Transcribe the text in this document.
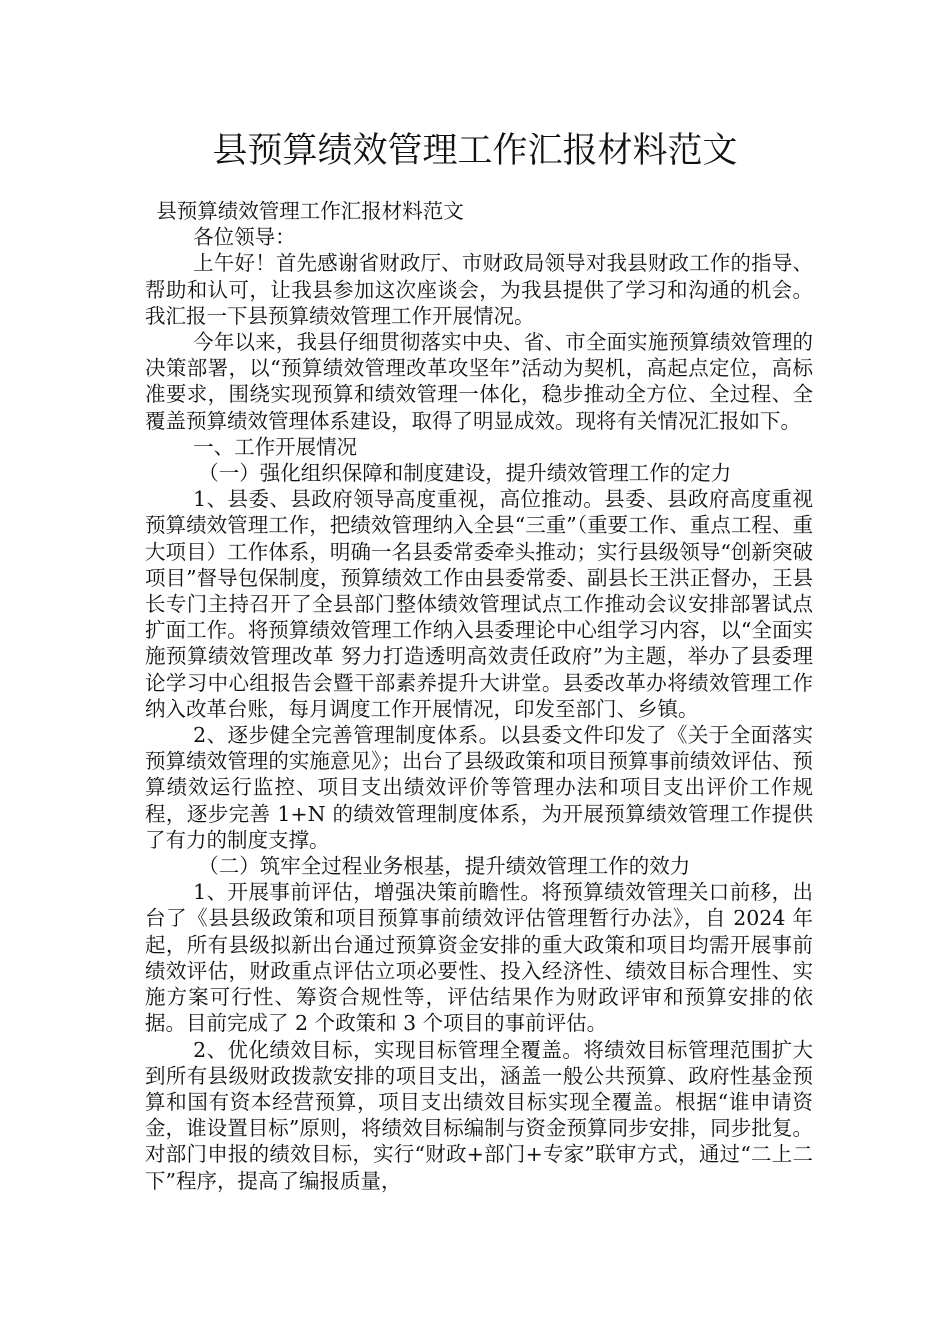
县预算绩效管理工作汇报材料范文

县预算绩效管理工作汇报材料范文

各位领导：

上午好！首先感谢省财政厅、市财政局领导对我县财政工作的指导、帮助和认可，让我县参加这次座谈会，为我县提供了学习和沟通的机会。我汇报一下县预算绩效管理工作开展情况。

今年以来，我县仔细贯彻落实中央、省、市全面实施预算绩效管理的决策部署，以“预算绩效管理改革攻坚年”活动为契机，高起点定位，高标准要求，围绕实现预算和绩效管理一体化，稳步推动全方位、全过程、全覆盖预算绩效管理体系建设，取得了明显成效。现将有关情况汇报如下。

一、工作开展情况

（一）强化组织保障和制度建设，提升绩效管理工作的定力

1、县委、县政府领导高度重视，高位推动。县委、县政府高度重视预算绩效管理工作，把绩效管理纳入全县“三重”（重要工作、重点工程、重大项目）工作体系，明确一名县委常委牵头推动；实行县级领导“创新突破项目”督导包保制度，预算绩效工作由县委常委、副县长王洪正督办，王县长专门主持召开了全县部门整体绩效管理试点工作推动会议安排部署试点扩面工作。将预算绩效管理工作纳入县委理论中心组学习内容，以“全面实施预算绩效管理改革 努力打造透明高效责任政府”为主题，举办了县委理论学习中心组报告会暨干部素养提升大讲堂。县委改革办将绩效管理工作纳入改革台账，每月调度工作开展情况，印发至部门、乡镇。

2、逐步健全完善管理制度体系。以县委文件印发了《关于全面落实预算绩效管理的实施意见》；出台了县级政策和项目预算事前绩效评估、预算绩效运行监控、项目支出绩效评价等管理办法和项目支出评价工作规程，逐步完善 1+N 的绩效管理制度体系，为开展预算绩效管理工作提供了有力的制度支撑。

（二）筑牢全过程业务根基，提升绩效管理工作的效力

1、开展事前评估，增强决策前瞻性。将预算绩效管理关口前移，出台了《县县级政策和项目预算事前绩效评估管理暂行办法》，自 2024 年起，所有县级拟新出台通过预算资金安排的重大政策和项目均需开展事前绩效评估，财政重点评估立项必要性、投入经济性、绩效目标合理性、实施方案可行性、筹资合规性等，评估结果作为财政评审和预算安排的依据。目前完成了 2 个政策和 3 个项目的事前评估。

2、优化绩效目标，实现目标管理全覆盖。将绩效目标管理范围扩大到所有县级财政拨款安排的项目支出，涵盖一般公共预算、政府性基金预算和国有资本经营预算，项目支出绩效目标实现全覆盖。根据“谁申请资金，谁设置目标”原则，将绩效目标编制与资金预算同步安排，同步批复。对部门申报的绩效目标，实行“财政+部门+专家”联审方式，通过“二上二下”程序，提高了编报质量，
